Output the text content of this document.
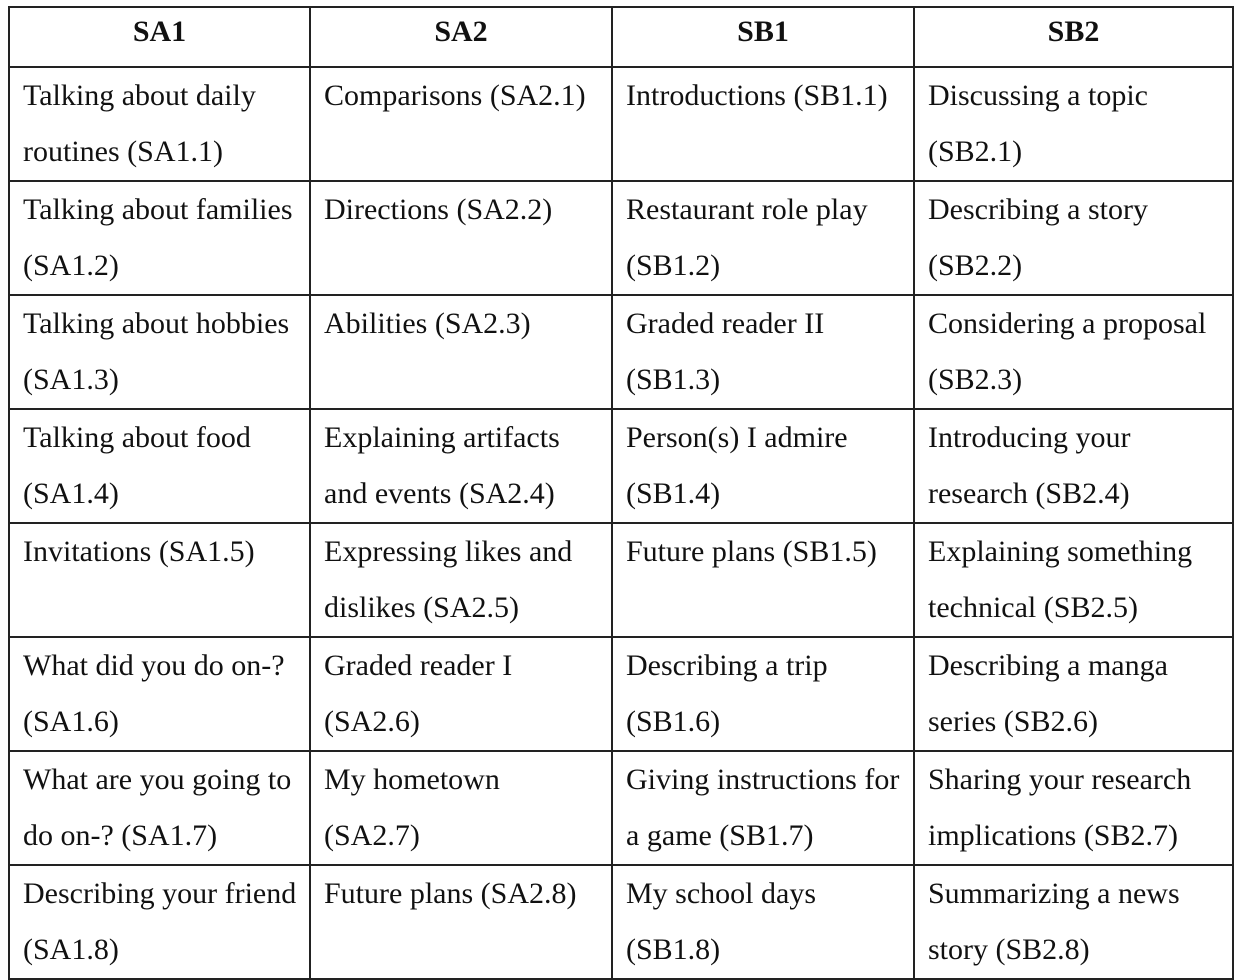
SA1	SA2	SB1	SB2
Talking about daily routines (SA1.1)	Comparisons (SA2.1)	Introductions (SB1.1)	Discussing a topic (SB2.1)
Talking about families (SA1.2)	Directions (SA2.2)	Restaurant role play (SB1.2)	Describing a story (SB2.2)
Talking about hobbies (SA1.3)	Abilities (SA2.3)	Graded reader II (SB1.3)	Considering a proposal (SB2.3)
Talking about food (SA1.4)	Explaining artifacts and events (SA2.4)	Person(s) I admire (SB1.4)	Introducing your research (SB2.4)
Invitations (SA1.5)	Expressing likes and dislikes (SA2.5)	Future plans (SB1.5)	Explaining something technical (SB2.5)
What did you do on-? (SA1.6)	Graded reader I (SA2.6)	Describing a trip (SB1.6)	Describing a manga series (SB2.6)
What are you going to do on-? (SA1.7)	My hometown (SA2.7)	Giving instructions for a game (SB1.7)	Sharing your research implications (SB2.7)
Describing your friend (SA1.8)	Future plans (SA2.8)	My school days (SB1.8)	Summarizing a news story (SB2.8)
